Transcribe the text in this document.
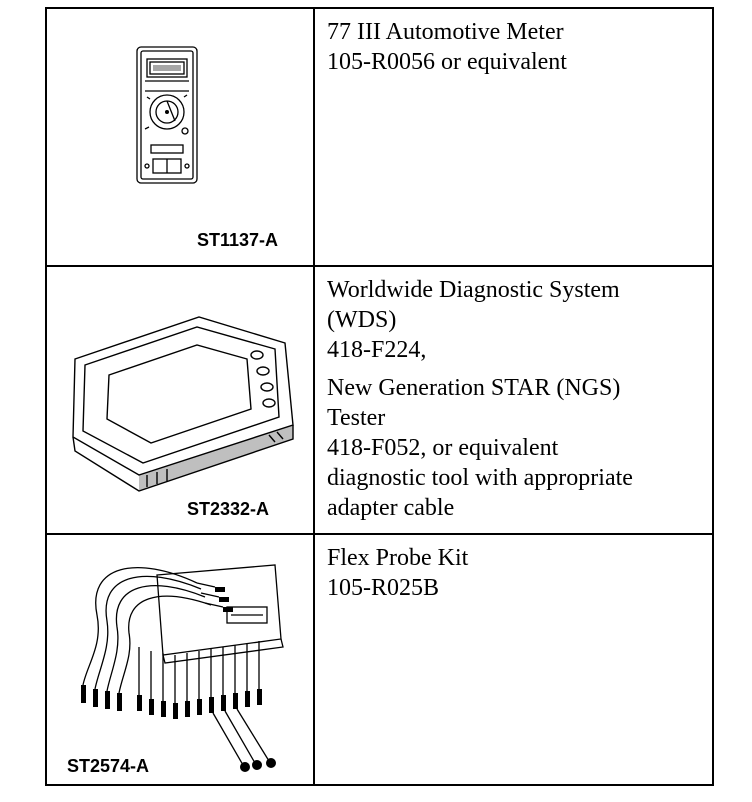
ST1137-A
77 III Automotive Meter
105-R0056 or equivalent
ST2332-A
Worldwide Diagnostic System
(WDS)
418-F224,
New Generation STAR (NGS)
Tester
418-F052, or equivalent
diagnostic tool with appropriate
adapter cable
ST2574-A
Flex Probe Kit
105-R025B
